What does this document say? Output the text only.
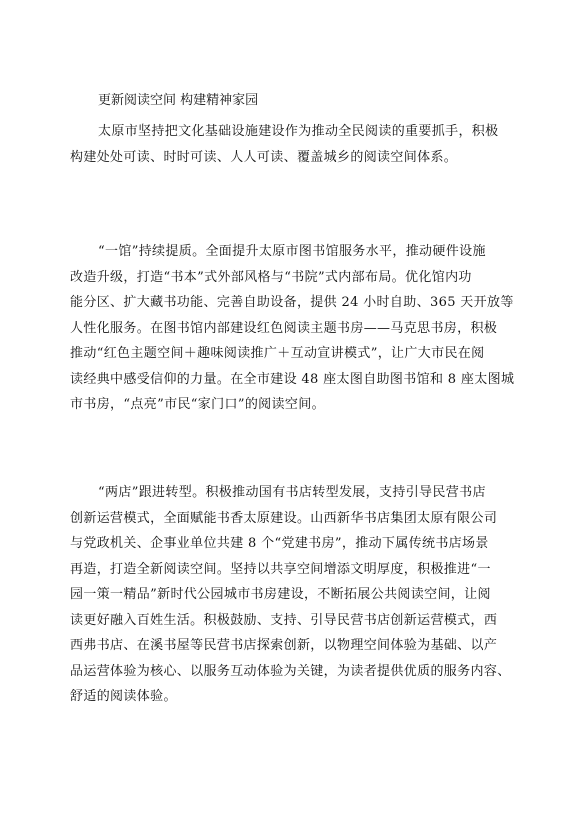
更新阅读空间 构建精神家园

太原市坚持把文化基础设施建设作为推动全民阅读的重要抓手，积极
构建处处可读、时时可读、人人可读、覆盖城乡的阅读空间体系。

“一馆”持续提质。全面提升太原市图书馆服务水平，推动硬件设施
改造升级，打造“书本”式外部风格与“书院”式内部布局。优化馆内功
能分区、扩大藏书功能、完善自助设备，提供 24 小时自助、365 天开放等
人性化服务。在图书馆内部建设红色阅读主题书房——马克思书房，积极
推动“红色主题空间＋趣味阅读推广＋互动宣讲模式”，让广大市民在阅
读经典中感受信仰的力量。在全市建设 48 座太图自助图书馆和 8 座太图城
市书房，“点亮”市民“家门口”的阅读空间。

“两店”跟进转型。积极推动国有书店转型发展，支持引导民营书店
创新运营模式，全面赋能书香太原建设。山西新华书店集团太原有限公司
与党政机关、企事业单位共建 8 个“党建书房”，推动下属传统书店场景
再造，打造全新阅读空间。坚持以共享空间增添文明厚度，积极推进“一
园一策一精品”新时代公园城市书房建设，不断拓展公共阅读空间，让阅
读更好融入百姓生活。积极鼓励、支持、引导民营书店创新运营模式，西
西弗书店、在溪书屋等民营书店探索创新，以物理空间体验为基础、以产
品运营体验为核心、以服务互动体验为关键，为读者提供优质的服务内容、
舒适的阅读体验。
